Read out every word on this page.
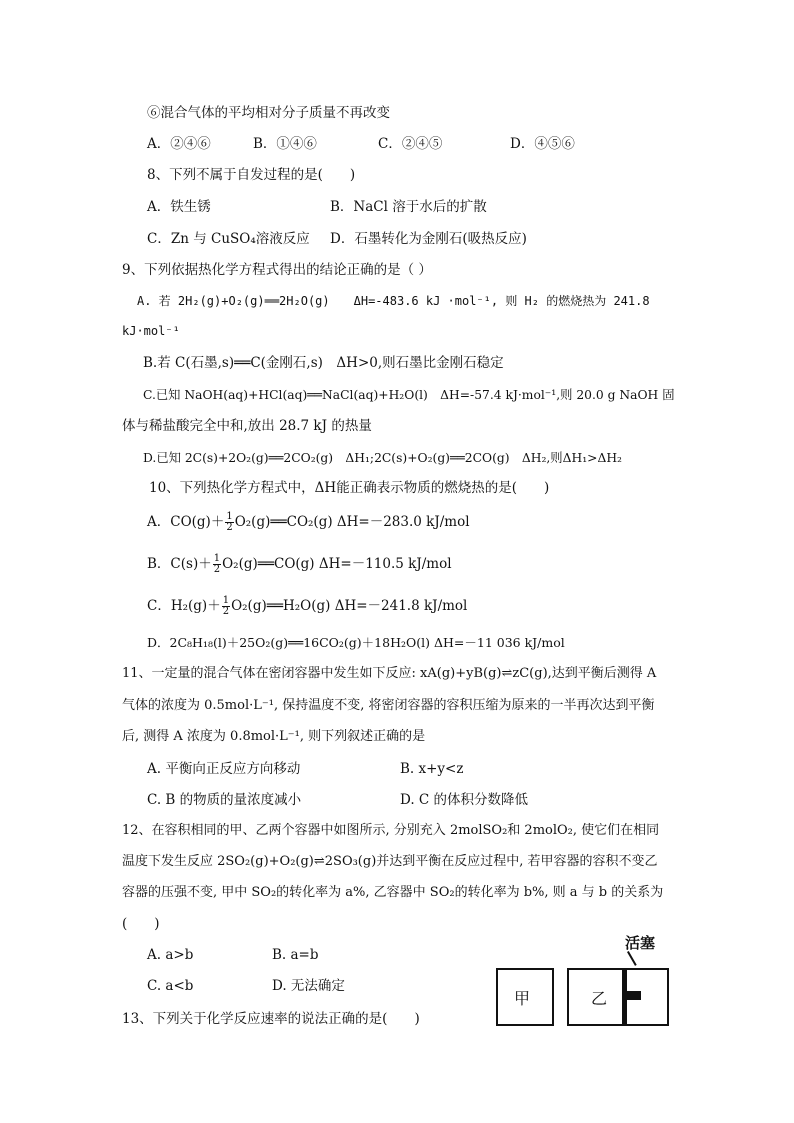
⑥混合气体的平均相对分子质量不再改变
A．②④⑥	B．①④⑥	C．②④⑤	D．④⑤⑥
8、下列不属于自发过程的是(　　)
A．铁生锈	B．NaCl 溶于水后的扩散
C．Zn 与 CuSO₄溶液反应 D．石墨转化为金刚石(吸热反应)
9、下列依据热化学方程式得出的结论正确的是（ ）
A. 若 2H₂(g)+O₂(g)══2H₂O(g)　　ΔH=-483.6 kJ ·mol⁻¹, 则 H₂ 的燃烧热为 241.8
kJ·mol⁻¹
B.若 C(石墨,s)══C(金刚石,s)　ΔH>0,则石墨比金刚石稳定
C.已知 NaOH(aq)+HCl(aq)══NaCl(aq)+H₂O(l)　ΔH=-57.4 kJ·mol⁻¹,则 20.0 g NaOH 固
体与稀盐酸完全中和,放出 28.7 kJ 的热量
D.已知 2C(s)+2O₂(g)══2CO₂(g)　ΔH₁;2C(s)+O₂(g)══2CO(g)　ΔH₂,则ΔH₁>ΔH₂
10、下列热化学方程式中，ΔH能正确表示物质的燃烧热的是(　　)
A．$CO(g)+ \frac{1}{2}$ O₂(g)══CO₂(g) ΔH=－283.0 kJ/mol
B．$C(s)+ \frac{1}{2}$ O₂(g)══CO(g) ΔH=－110.5 kJ/mol
C．$H_2(g)+ \frac{1}{2}$ O₂(g)══H₂O(g) ΔH=－241.8 kJ/mol
D．2C₈H₁₈(l)＋25O₂(g)══16CO₂(g)＋18H₂O(l) ΔH=－11 036 kJ/mol
11、一定量的混合气体在密闭容器中发生如下反应: xA(g)+yB(g)⇌zC(g),达到平衡后测得 A
气体的浓度为 0.5mol·L⁻¹, 保持温度不变, 将密闭容器的容积压缩为原来的一半再次达到平衡
后, 测得 A 浓度为 0.8mol·L⁻¹, 则下列叙述正确的是
A. 平衡向正反应方向移动	B. x+y<z
C. B 的物质的量浓度减小	D. C 的体积分数降低
12、在容积相同的甲、乙两个容器中如图所示, 分别充入 2molSO₂和 2molO₂, 使它们在相同
温度下发生反应 2SO₂(g)+O₂(g)⇌2SO₃(g)并达到平衡在反应过程中, 若甲容器的容积不变乙
容器的压强不变, 甲中 SO₂的转化率为 a%, 乙容器中 SO₂的转化率为 b%, 则 a 与 b 的关系为
(　　)
A. a>b	B. a=b
C. a<b	D. 无法确定
甲	乙
活塞
13、下列关于化学反应速率的说法正确的是(　　)
